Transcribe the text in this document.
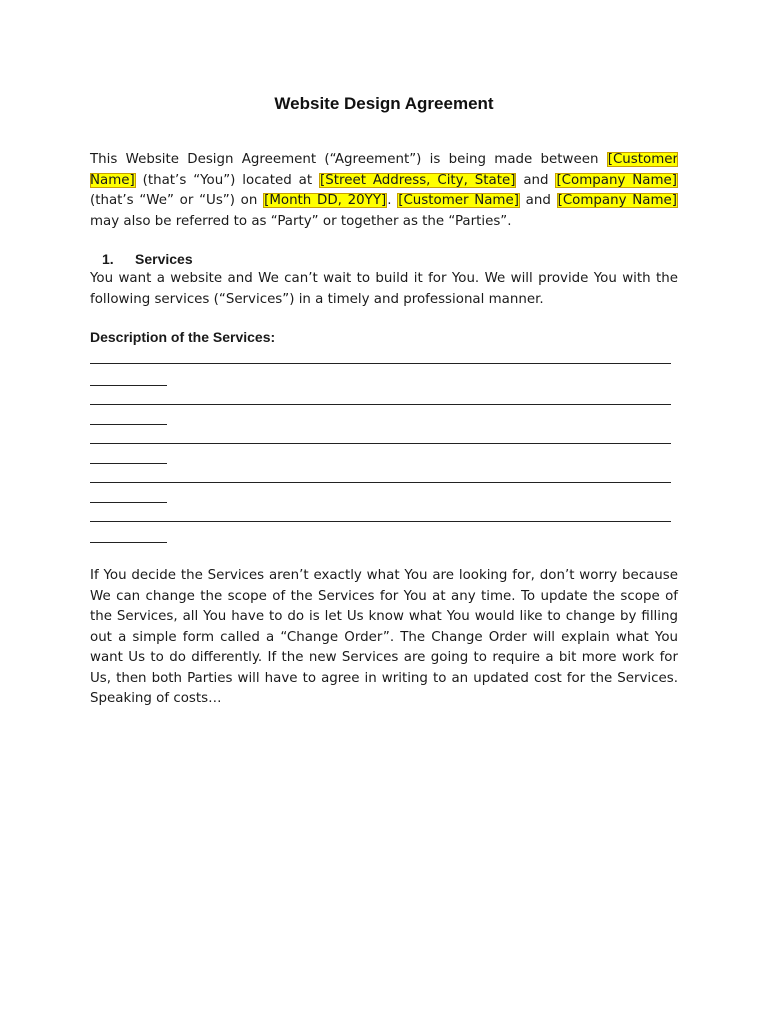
Website Design Agreement
This Website Design Agreement (“Agreement”) is being made between [Customer Name] (that’s “You”) located at [Street Address, City, State] and [Company Name] (that’s “We” or “Us”) on [Month DD, 20YY]. [Customer Name] and [Company Name] may also be referred to as “Party” or together as the “Parties”.
1. Services
You want a website and We can’t wait to build it for You. We will provide You with the following services (“Services”) in a timely and professional manner.
Description of the Services:
If You decide the Services aren’t exactly what You are looking for, don’t worry because We can change the scope of the Services for You at any time. To update the scope of the Services, all You have to do is let Us know what You would like to change by filling out a simple form called a “Change Order”. The Change Order will explain what You want Us to do differently. If the new Services are going to require a bit more work for Us, then both Parties will have to agree in writing to an updated cost for the Services. Speaking of costs…
